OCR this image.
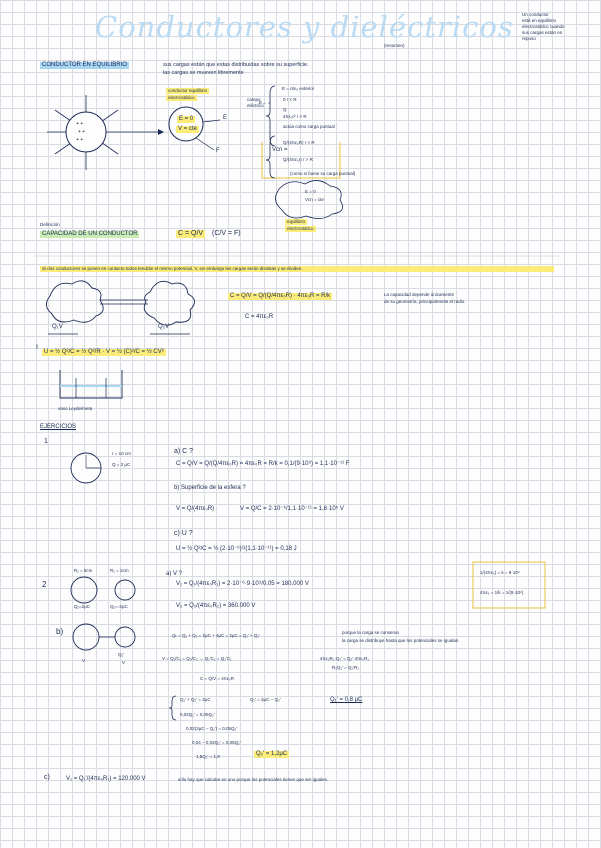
Conductores y dieléctricos
(resumen)
Un conductor
está en equilibrio
electrostático cuando
sus cargas están en
reposo
CONDUCTOR EN EQUILIBRIO	sus cargas están que estas distribuidas sobre su superficie.
las cargas se mueven libremente
+ +
+ +
+ +
E = 0
V = cte
E
F
conductor equilibrio
electrostático	campo
eléctrico
E→ =
E = σ/ε₀ exterior
0 r < R
Q
4πε₀r² r > R
actúa como carga puntual
Vcn =
Q/(4πε₀R) r < R
Q/(4πε₀r) r > R
(como si fuese su carga puntual)
E = 0
Vcn = cte
equilibrio
electrostático
Definición
CAPACIDAD DE UN CONDUCTOR	C = Q/V (C/V = F)
Si dos conductores se ponen en contacto todos tendrán el mismo potencial, V, sin embargo las cargas serán distintas y se dividen.
Q₁V	Q₂V
C = Q/V = Q/(Q/4πε₀R) · 4πε₀R = R/k
C = 4πε₀R
La capacidad depende únicamente
de su geometría, principalmente el radio.
!
U = ½ Q²/C = ½ Q²/R · V = ½ (C)²/C = ½ CV²
vaso Leyde/meta
EJERCICIOS
1
r = 10 cm
Q = 2 μC
a) C ?
C = Q/V = Q/(Q/4πε₀R) = 4πε₀R = R/k = 0,1/(9·10⁹) = 1,1·10⁻¹¹ F
b) Superficie de la esfera ?
V = Q/(4πε₀R)	V = Q/C = 2·10⁻⁶/1,1·10⁻¹¹ = 1,8·10⁵ V
c) U ?
U = ½ Q²/C = ½ (2·10⁻⁶)²/(1,1·10⁻¹¹) = 0,18 J
2
R₁ = 5cm	R₂ = 2cm
Q₁=2μC	Q₂=-2μC
a) V ?
V₁ = Q₁/(4πε₀R₁) = 2·10⁻⁶·9·10⁹/0,05 = 180.000 V
V₂ = Q₂/(4πε₀R₂) = 360.000 V
1/(4πε₀) = k = 9·10⁹
4πε₀ = 1/k = 1/(9·10⁹)
b)
V
Q₂'
V
Qₜ = Q₁ + Q₂ = 2μC + 4μC = 2μC = Q₁' + Q₂'
porque la carga se conserva
la carga se distribuye hasta que los potenciales se igualan
V = Q₁/C₁ = Q₂/C₂ → Q₁'C₂ = Q₂'C₁	4πε₀R₂·Q₁' = Q₂'·4πε₀R₁
R₂Q₁' = Q₂'R₁
C = Q/V = 4πε₀R
Q₁' + Q₂' = 2μC
0,02Q₁' = 0,05Q₂'
Q₁' = 2μC − Q₂'	Q₁' = 0,8 μC
0,02(2μC − Q₁') = 0,05Q₂'
0,04 − 0,02Q₂' = 0,05Q₂'
1,5Q₂' = 1,8	Q₂' = 1,2μC
c)	V₁ = Q₁'/(4πε₀R₁) = 120.000 V	sólo hay que calcular en uno porque los potenciales tienen que ser iguales.
